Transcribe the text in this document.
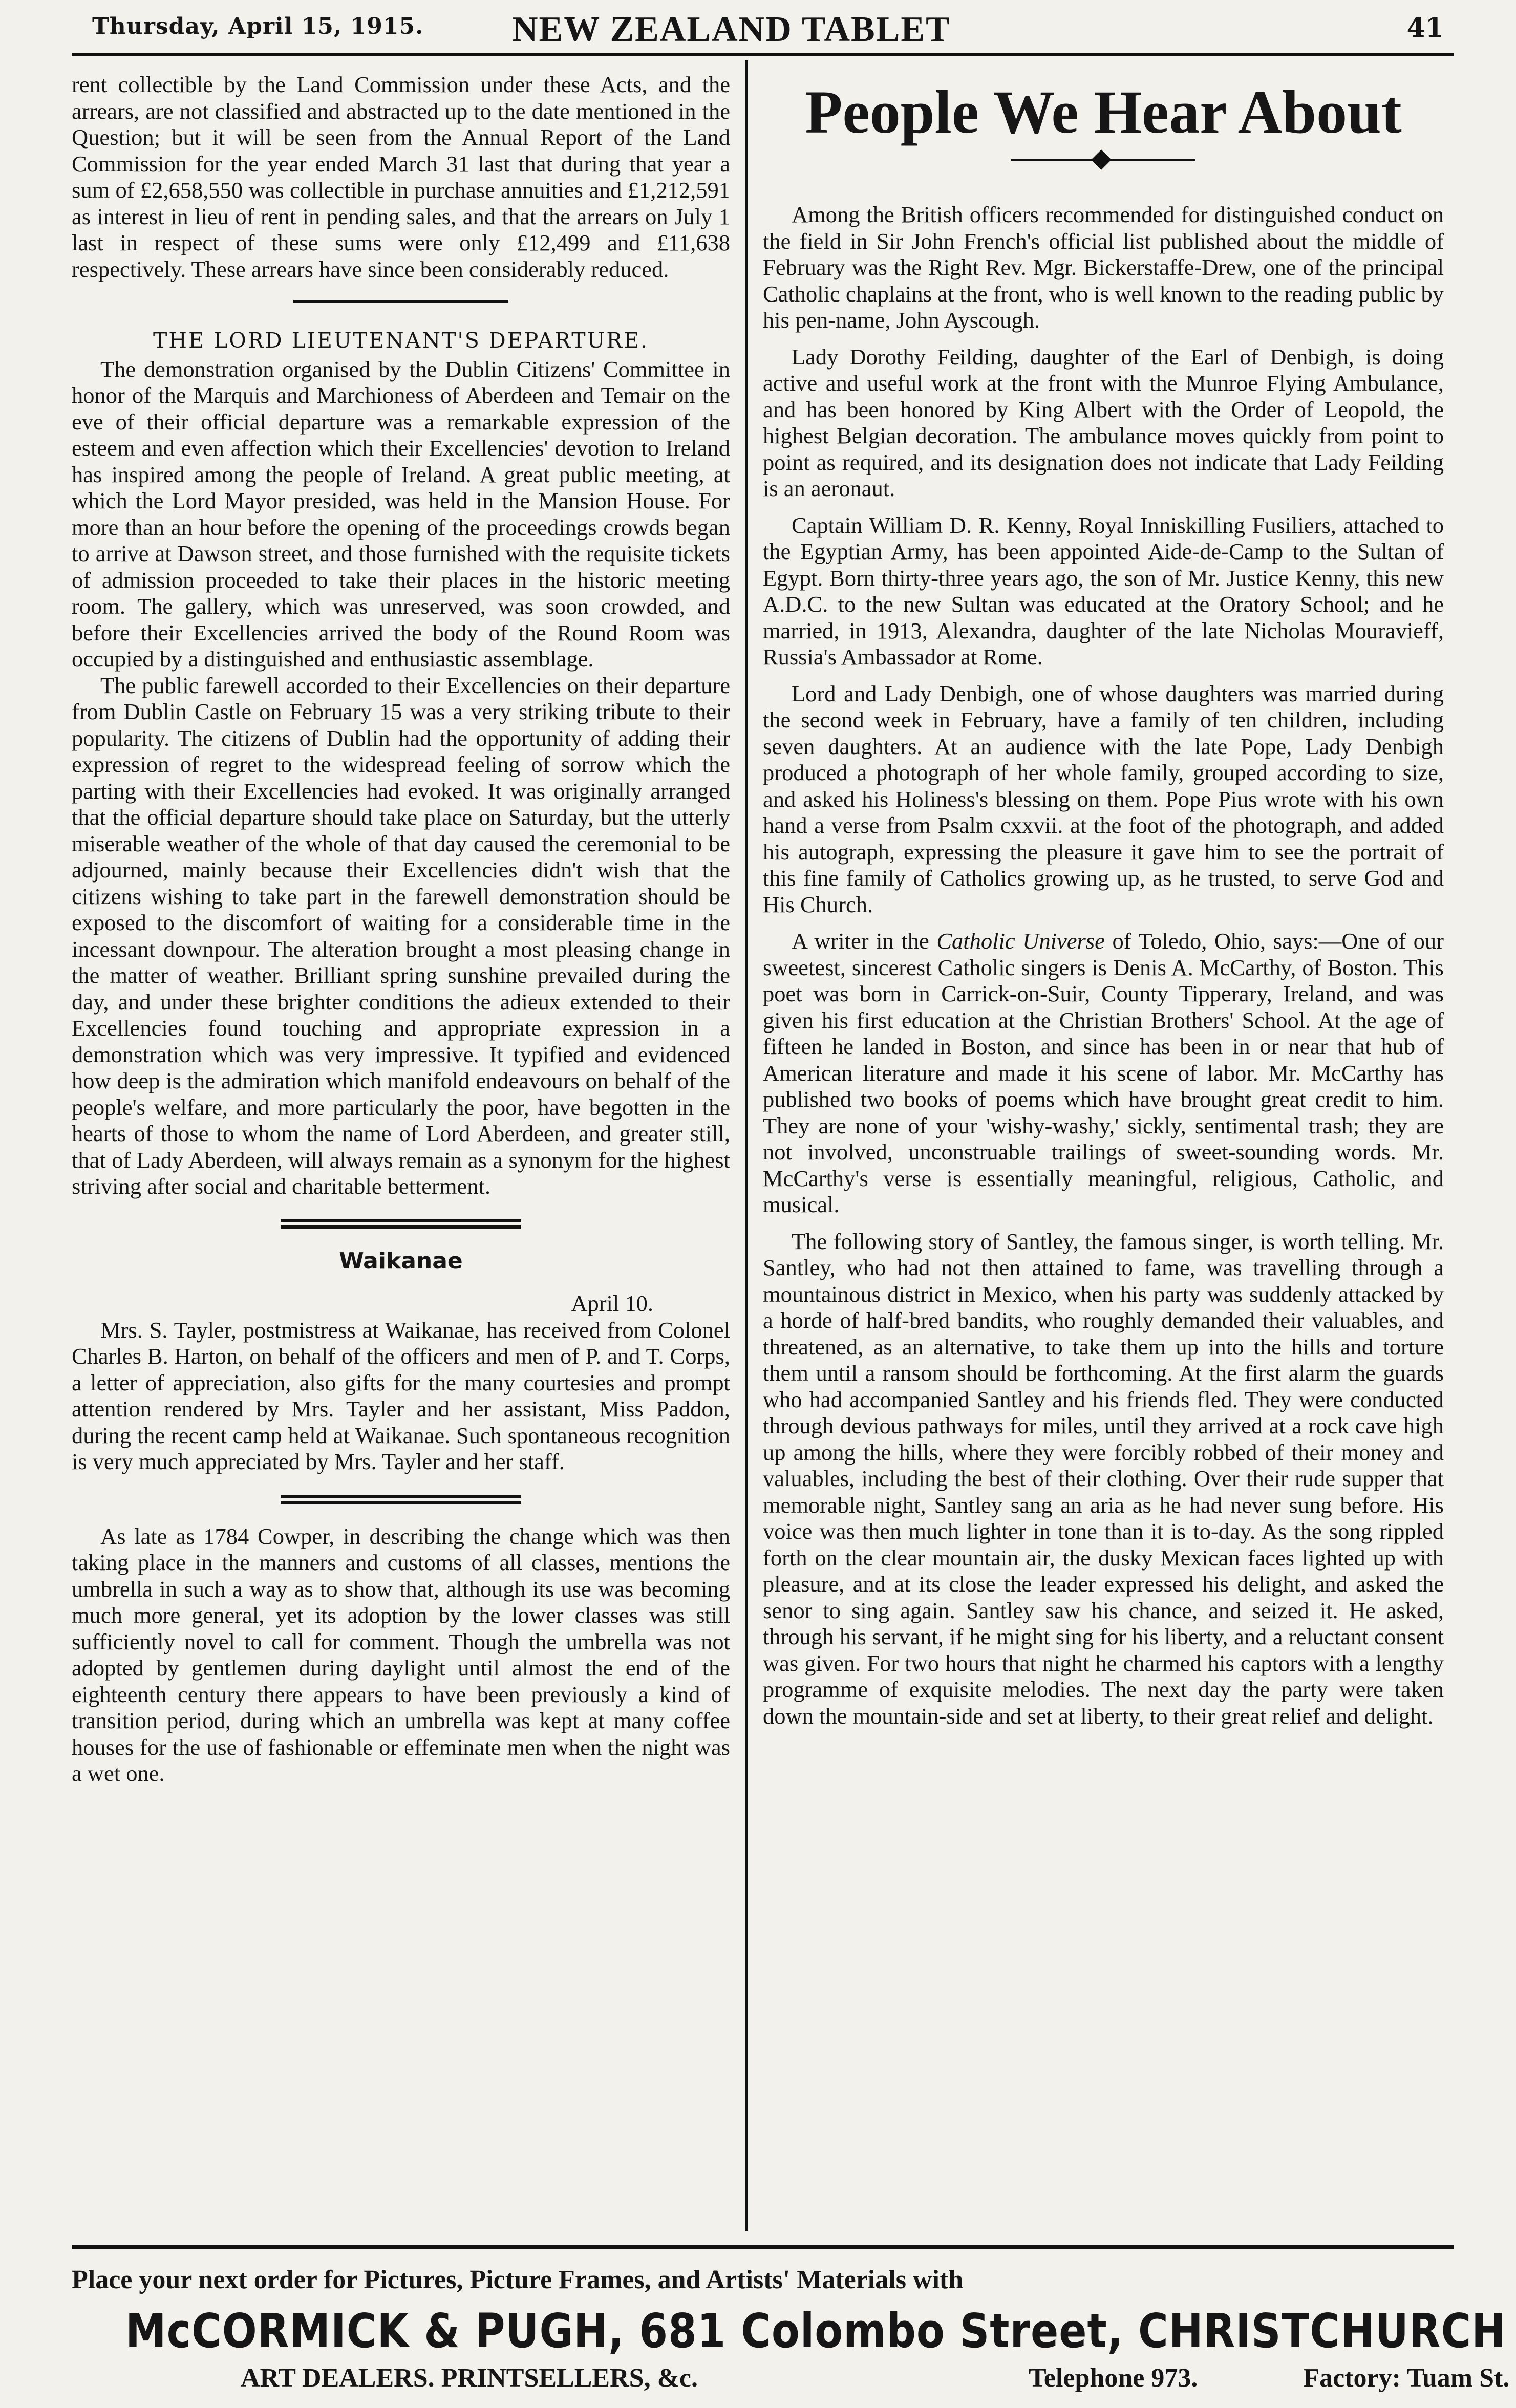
Thursday, April 15, 1915. NEW ZEALAND TABLET	41

rent collectible by the Land Commission under these Acts, and the arrears, are not classified and abstracted up to the date mentioned in the Question; but it will be seen from the Annual Report of the Land Commission for the year ended March 31 last that during that year a sum of £2,658,550 was collectible in purchase annuities and £1,212,591 as interest in lieu of rent in pending sales, and that the arrears on July 1 last in respect of these sums were only £12,499 and £11,638 respectively. These arrears have since been considerably reduced.

THE LORD LIEUTENANT'S DEPARTURE.

The demonstration organised by the Dublin Citizens' Committee in honor of the Marquis and Marchioness of Aberdeen and Temair on the eve of their official departure was a remarkable expression of the esteem and even affection which their Excellencies' devotion to Ireland has inspired among the people of Ireland. A great public meeting, at which the Lord Mayor presided, was held in the Mansion House. For more than an hour before the opening of the proceedings crowds began to arrive at Dawson street, and those furnished with the requisite tickets of admission proceeded to take their places in the historic meeting room. The gallery, which was unreserved, was soon crowded, and before their Excellencies arrived the body of the Round Room was occupied by a distinguished and enthusiastic assemblage.

The public farewell accorded to their Excellencies on their departure from Dublin Castle on February 15 was a very striking tribute to their popularity. The citizens of Dublin had the opportunity of adding their expression of regret to the widespread feeling of sorrow which the parting with their Excellencies had evoked. It was originally arranged that the official departure should take place on Saturday, but the utterly miserable weather of the whole of that day caused the ceremonial to be adjourned, mainly because their Excellencies didn't wish that the citizens wishing to take part in the farewell demonstration should be exposed to the discomfort of waiting for a considerable time in the incessant downpour. The alteration brought a most pleasing change in the matter of weather. Brilliant spring sunshine prevailed during the day, and under these brighter conditions the adieux extended to their Excellencies found touching and appropriate expression in a demonstration which was very impressive. It typified and evidenced how deep is the admiration which manifold endeavours on behalf of the people's welfare, and more particularly the poor, have begotten in the hearts of those to whom the name of Lord Aberdeen, and greater still, that of Lady Aberdeen, will always remain as a synonym for the highest striving after social and charitable betterment.

Waikanae

April 10.

Mrs. S. Tayler, postmistress at Waikanae, has received from Colonel Charles B. Harton, on behalf of the officers and men of P. and T. Corps, a letter of appreciation, also gifts for the many courtesies and prompt attention rendered by Mrs. Tayler and her assistant, Miss Paddon, during the recent camp held at Waikanae. Such spontaneous recognition is very much appreciated by Mrs. Tayler and her staff.

As late as 1784 Cowper, in describing the change which was then taking place in the manners and customs of all classes, mentions the umbrella in such a way as to show that, although its use was becoming much more general, yet its adoption by the lower classes was still sufficiently novel to call for comment. Though the umbrella was not adopted by gentlemen during daylight until almost the end of the eighteenth century there appears to have been previously a kind of transition period, during which an umbrella was kept at many coffee houses for the use of fashionable or effeminate men when the night was a wet one.

People We Hear About

Among the British officers recommended for distinguished conduct on the field in Sir John French's official list published about the middle of February was the Right Rev. Mgr. Bickerstaffe-Drew, one of the principal Catholic chaplains at the front, who is well known to the reading public by his pen-name, John Ayscough.

Lady Dorothy Feilding, daughter of the Earl of Denbigh, is doing active and useful work at the front with the Munroe Flying Ambulance, and has been honored by King Albert with the Order of Leopold, the highest Belgian decoration. The ambulance moves quickly from point to point as required, and its designation does not indicate that Lady Feilding is an aeronaut.

Captain William D. R. Kenny, Royal Inniskilling Fusiliers, attached to the Egyptian Army, has been appointed Aide-de-Camp to the Sultan of Egypt. Born thirty-three years ago, the son of Mr. Justice Kenny, this new A.D.C. to the new Sultan was educated at the Oratory School; and he married, in 1913, Alexandra, daughter of the late Nicholas Mouravieff, Russia's Ambassador at Rome.

Lord and Lady Denbigh, one of whose daughters was married during the second week in February, have a family of ten children, including seven daughters. At an audience with the late Pope, Lady Denbigh produced a photograph of her whole family, grouped according to size, and asked his Holiness's blessing on them. Pope Pius wrote with his own hand a verse from Psalm cxxvii. at the foot of the photograph, and added his autograph, expressing the pleasure it gave him to see the portrait of this fine family of Catholics growing up, as he trusted, to serve God and His Church.

A writer in the Catholic Universe of Toledo, Ohio, says:—One of our sweetest, sincerest Catholic singers is Denis A. McCarthy, of Boston. This poet was born in Carrick-on-Suir, County Tipperary, Ireland, and was given his first education at the Christian Brothers' School. At the age of fifteen he landed in Boston, and since has been in or near that hub of American literature and made it his scene of labor. Mr. McCarthy has published two books of poems which have brought great credit to him. They are none of your 'wishy-washy,' sickly, sentimental trash; they are not involved, unconstruable trailings of sweet-sounding words. Mr. McCarthy's verse is essentially meaningful, religious, Catholic, and musical.

The following story of Santley, the famous singer, is worth telling. Mr. Santley, who had not then attained to fame, was travelling through a mountainous district in Mexico, when his party was suddenly attacked by a horde of half-bred bandits, who roughly demanded their valuables, and threatened, as an alternative, to take them up into the hills and torture them until a ransom should be forthcoming. At the first alarm the guards who had accompanied Santley and his friends fled. They were conducted through devious pathways for miles, until they arrived at a rock cave high up among the hills, where they were forcibly robbed of their money and valuables, including the best of their clothing. Over their rude supper that memorable night, Santley sang an aria as he had never sung before. His voice was then much lighter in tone than it is to-day. As the song rippled forth on the clear mountain air, the dusky Mexican faces lighted up with pleasure, and at its close the leader expressed his delight, and asked the senor to sing again. Santley saw his chance, and seized it. He asked, through his servant, if he might sing for his liberty, and a reluctant consent was given. For two hours that night he charmed his captors with a lengthy programme of exquisite melodies. The next day the party were taken down the mountain-side and set at liberty, to their great relief and delight.

Place your next order for Pictures, Picture Frames, and Artists' Materials with
McCORMICK & PUGH, 681 Colombo Street, CHRISTCHURCH
ART DEALERS. PRINTSELLERS, &c.	Telephone 973.	Factory: Tuam St.
